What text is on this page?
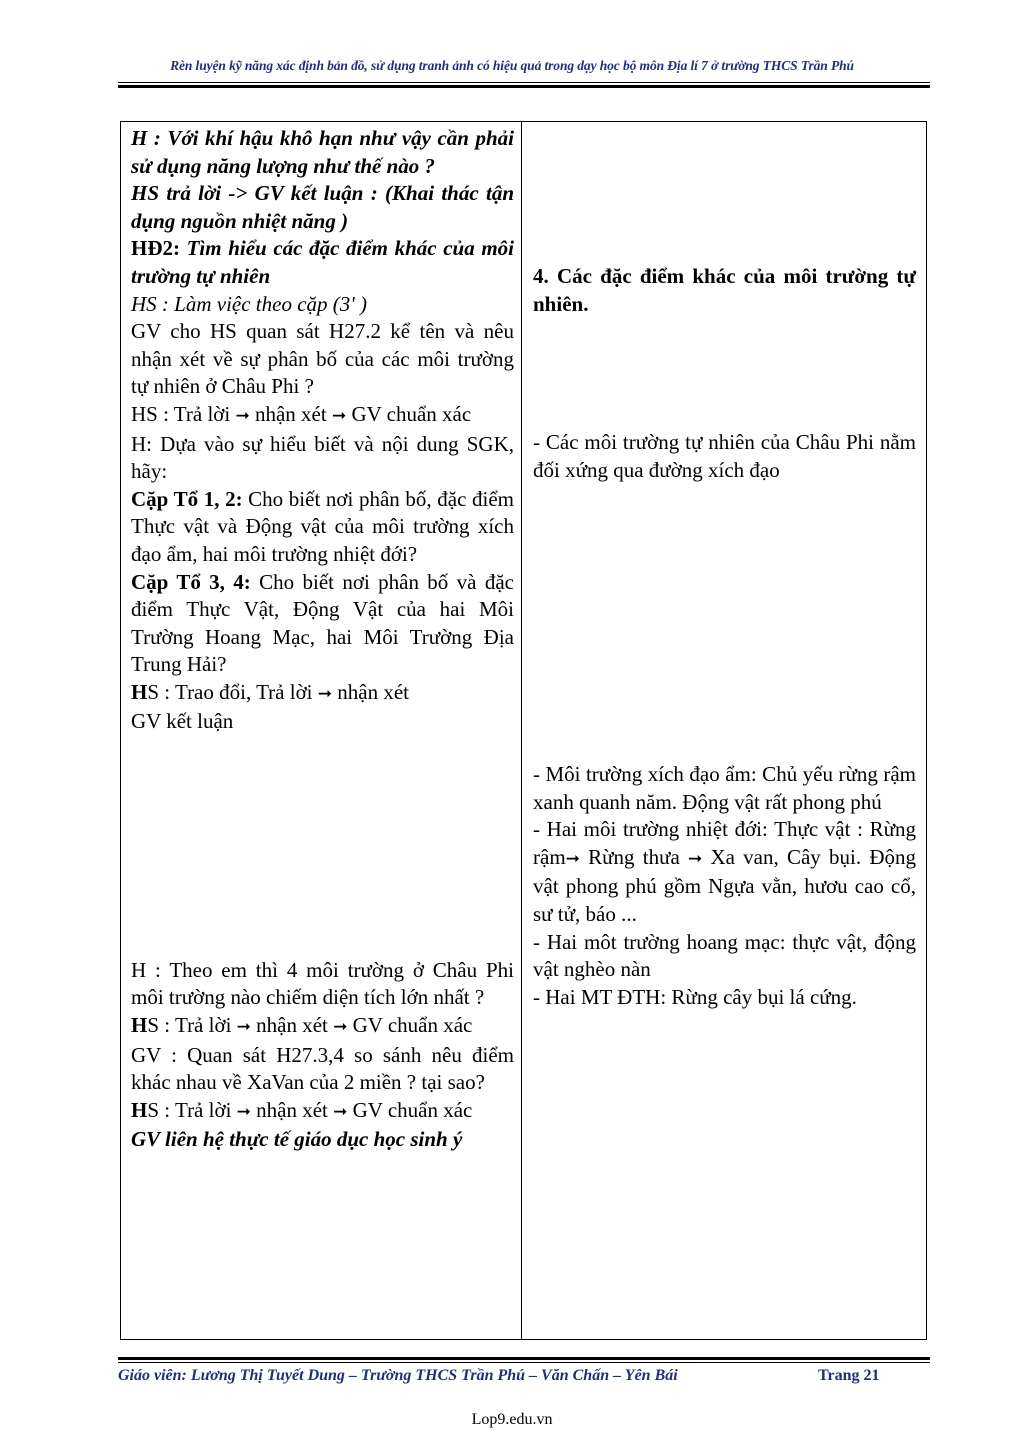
Rèn luyện kỹ năng xác định bản đồ, sử dụng tranh ảnh có hiệu quả trong dạy học bộ môn Địa lí 7 ở trường THCS Trần Phú

H : Với khí hậu khô hạn như vậy cần phải sử dụng năng lượng như thế nào ?

HS trả lời -> GV kết luận : (Khai thác tận dụng nguồn nhiệt năng )

HĐ2: Tìm hiểu các đặc điểm khác của môi trường tự nhiên

HS : Làm việc theo cặp (3' )

GV cho HS quan sát H27.2 kể tên và nêu nhận xét về sự phân bố của các môi trường tự nhiên ở Châu Phi ?

HS : Trả lời ➞ nhận xét ➞ GV chuẩn xác

H: Dựa vào sự hiểu biết và nội dung SGK, hãy:

Cặp Tổ 1, 2: Cho biết nơi phân bố, đặc điểm Thực vật và Động vật của môi trường xích đạo ẩm, hai môi trường nhiệt đới?

Cặp Tổ 3, 4: Cho biết nơi phân bố và đặc điểm Thực Vật, Động Vật của hai Môi Trường Hoang Mạc, hai Môi Trường Địa Trung Hải?

HS : Trao đổi, Trả lời ➞ nhận xét

GV kết luận

H : Theo em thì 4 môi trường ở Châu Phi môi trường nào chiếm diện tích lớn nhất ?

HS : Trả lời ➞ nhận xét ➞ GV chuẩn xác

GV : Quan sát H27.3,4 so sánh nêu điểm khác nhau về XaVan của 2 miền ? tại sao?

HS : Trả lời ➞ nhận xét ➞ GV chuẩn xác

GV liên hệ thực tế giáo dục học sinh ý

4. Các đặc điểm khác của môi trường tự nhiên.

- Các môi trường tự nhiên của Châu Phi nằm đối xứng qua đường xích đạo

- Môi trường xích đạo ẩm: Chủ yếu rừng rậm xanh quanh năm. Động vật rất phong phú

- Hai môi trường nhiệt đới: Thực vật : Rừng rậm➞ Rừng thưa ➞ Xa van, Cây bụi. Động vật phong phú gồm Ngựa vằn, hươu cao cổ, sư tử, báo ...

- Hai môt trường hoang mạc: thực vật, động vật nghèo nàn

- Hai MT ĐTH: Rừng cây bụi lá cứng.

Giáo viên: Lương Thị Tuyết Dung – Trường THCS Trần Phú – Văn Chấn – Yên Bái	Trang 21
Lop9.edu.vn
